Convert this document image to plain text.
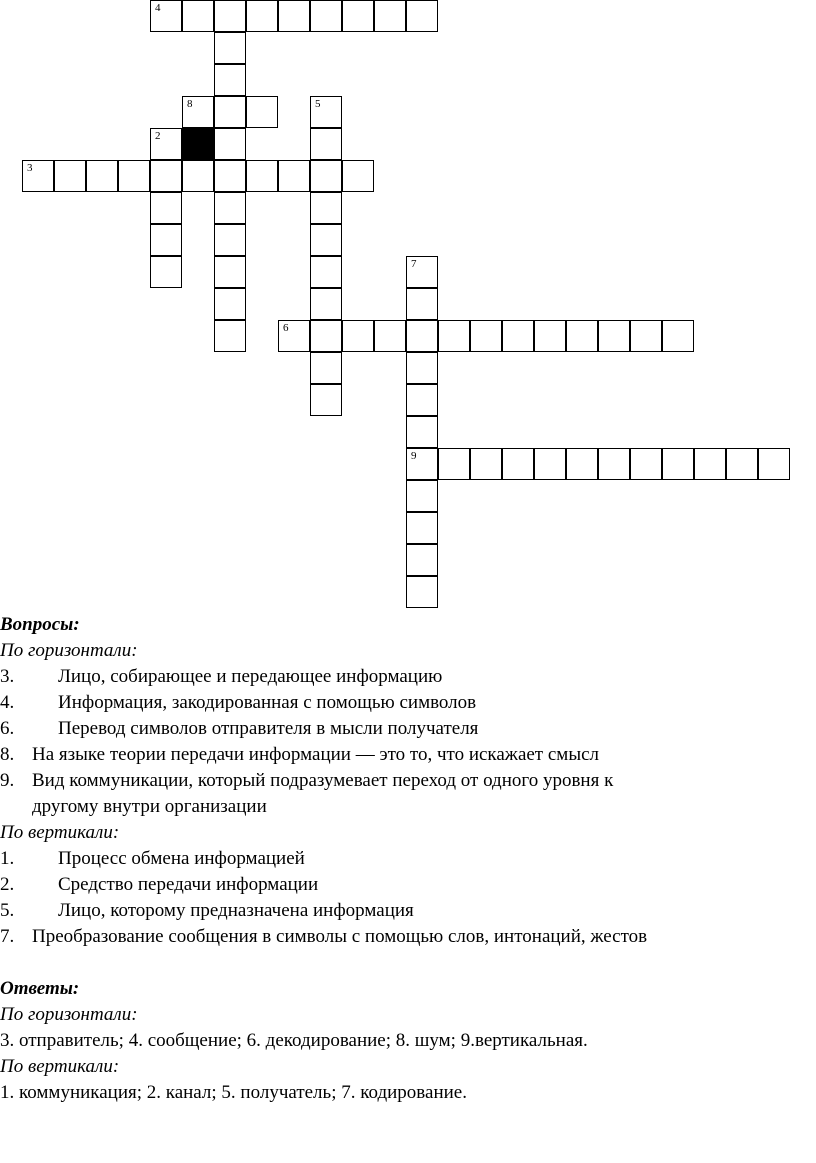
4
8	5
2
3
6
7
9
Вопросы:
По горизонтали:
3. Лицо, собирающее и передающее информацию
4. Информация, закодированная с помощью символов
6. Перевод символов отправителя в мысли получателя
8. На языке теории передачи информации — это то, что искажает смысл
9. Вид коммуникации, который подразумевает переход от одного уровня к
другому внутри организации
По вертикали:
1. Процесс обмена информацией
2. Средство передачи информации
5. Лицо, которому предназначена информация
7. Преобразование сообщения в символы с помощью слов, интонаций, жестов
Ответы:
По горизонтали:
3. отправитель; 4. сообщение; 6. декодирование; 8. шум; 9.вертикальная.
По вертикали:
1. коммуникация; 2. канал; 5. получатель; 7. кодирование.
